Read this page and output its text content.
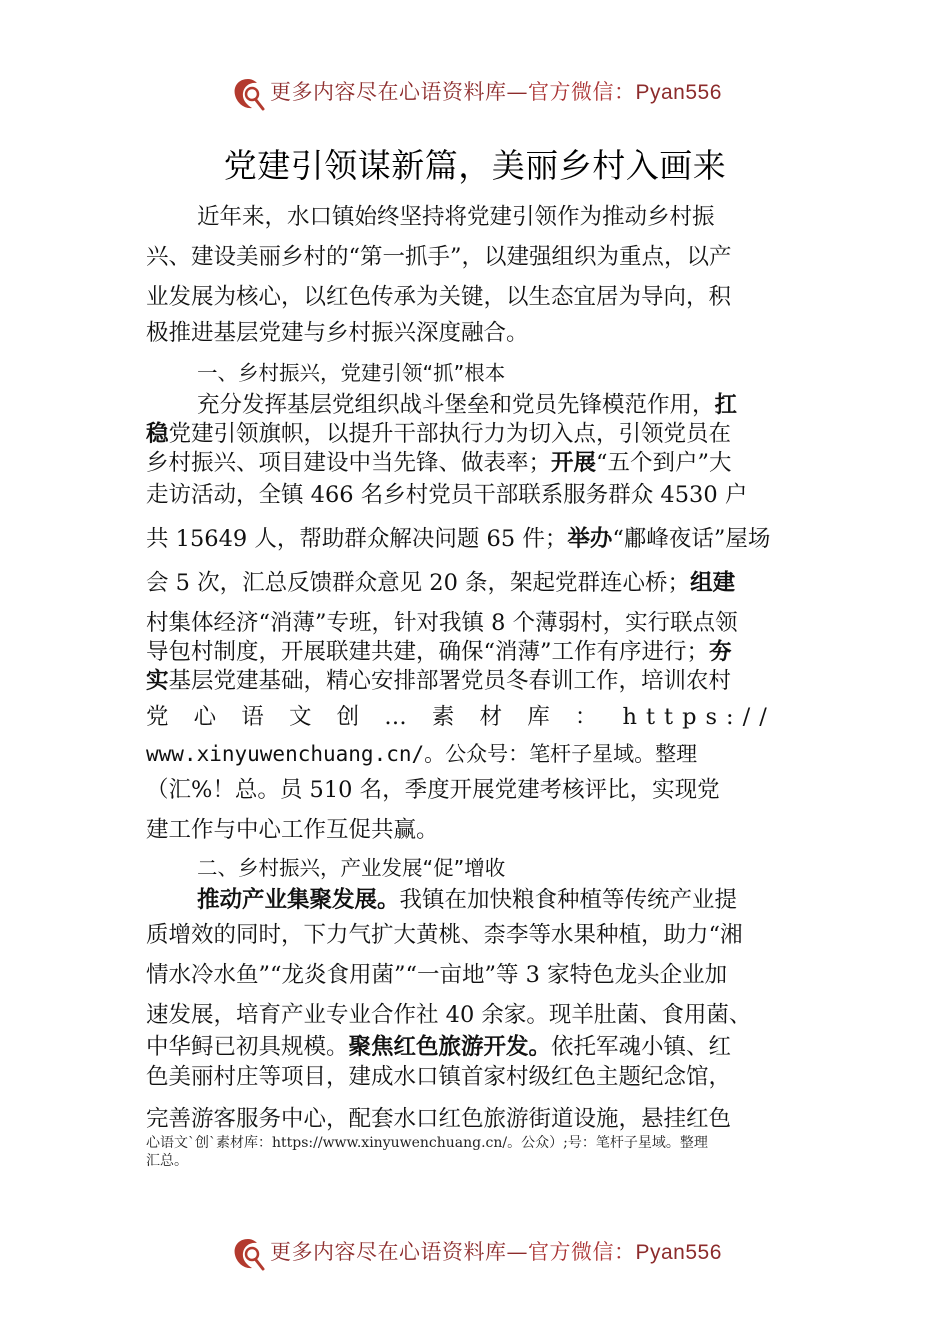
更多内容尽在心语资料库—官方微信：Pyan556
党建引领谋新篇，美丽乡村入画来
近年来，水口镇始终坚持将党建引领作为推动乡村振
兴、建设美丽乡村的“第一抓手”，以建强组织为重点，以产
业发展为核心，以红色传承为关键，以生态宜居为导向，积
极推进基层党建与乡村振兴深度融合。
一、乡村振兴，党建引领“抓”根本
充分发挥基层党组织战斗堡垒和党员先锋模范作用，扛
稳党建引领旗帜，以提升干部执行力为切入点，引领党员在
乡村振兴、项目建设中当先锋、做表率；开展“五个到户”大
走访活动，全镇 466 名乡村党员干部联系服务群众 4530 户
共 15649 人，帮助群众解决问题 65 件；举办“鄘峰夜话”屋场
会 5 次，汇总反馈群众意见 20 条，架起党群连心桥；组建
村集体经济“消薄”专班，针对我镇 8 个薄弱村，实行联点领
导包村制度，开展联建共建，确保“消薄”工作有序进行；夯
实基层党建基础，精心安排部署党员冬春训工作，培训农村
党 心 语 文 创 … 素 材 库 ： https://
www.xinyuwenchuang.cn/。公众号：笔杆子星域。整理
（汇%！总。员 510 名，季度开展党建考核评比，实现党
建工作与中心工作互促共赢。
二、乡村振兴，产业发展“促”增收
推动产业集聚发展。我镇在加快粮食种植等传统产业提
质增效的同时，下力气扩大黄桃、柰李等水果种植，助力“湘
情水冷水鱼”“龙炎食用菌”“一亩地”等 3 家特色龙头企业加
速发展，培育产业专业合作社 40 余家。现羊肚菌、食用菌、
中华鲟已初具规模。聚焦红色旅游开发。依托军魂小镇、红
色美丽村庄等项目，建成水口镇首家村级红色主题纪念馆，
完善游客服务中心，配套水口红色旅游街道设施，悬挂红色
心语文`创`素材库：https://www.xinyuwenchuang.cn/。公众）;号：笔杆子星域。整理
汇总。
更多内容尽在心语资料库—官方微信：Pyan556
